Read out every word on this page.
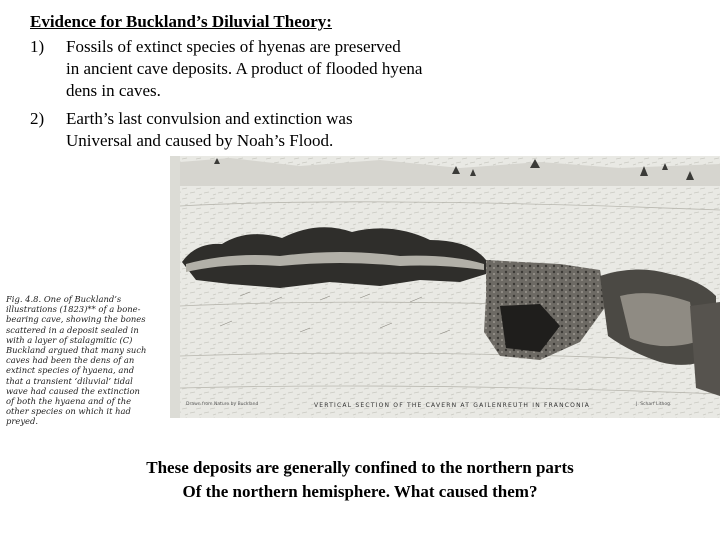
Evidence for Buckland’s Diluvial Theory:
1) Fossils of extinct species of hyenas are preserved
in ancient cave deposits. A product of flooded hyena
dens in caves.
2) Earth’s last convulsion and extinction was
Universal and caused by Noah’s Flood.
Fig. 4.8. One of Buckland’s
illustrations (1823)** of a bone-
bearing cave, showing the bones
scattered in a deposit sealed in
with a layer of stalagmitic (C)
Buckland argued that many such
caves had been the dens of an
extinct species of hyaena, and
that a transient ‘diluvial’ tidal
wave had caused the extinction
of both the hyaena and of the
other species on which it had
preyed.
Drawn from Nature by Buckland	VERTICAL SECTION OF THE CAVERN AT GAILENREUTH IN FRANCONIA	J. Scharf Lithog.
These deposits are generally confined to the northern parts
Of the northern hemisphere. What caused them?
